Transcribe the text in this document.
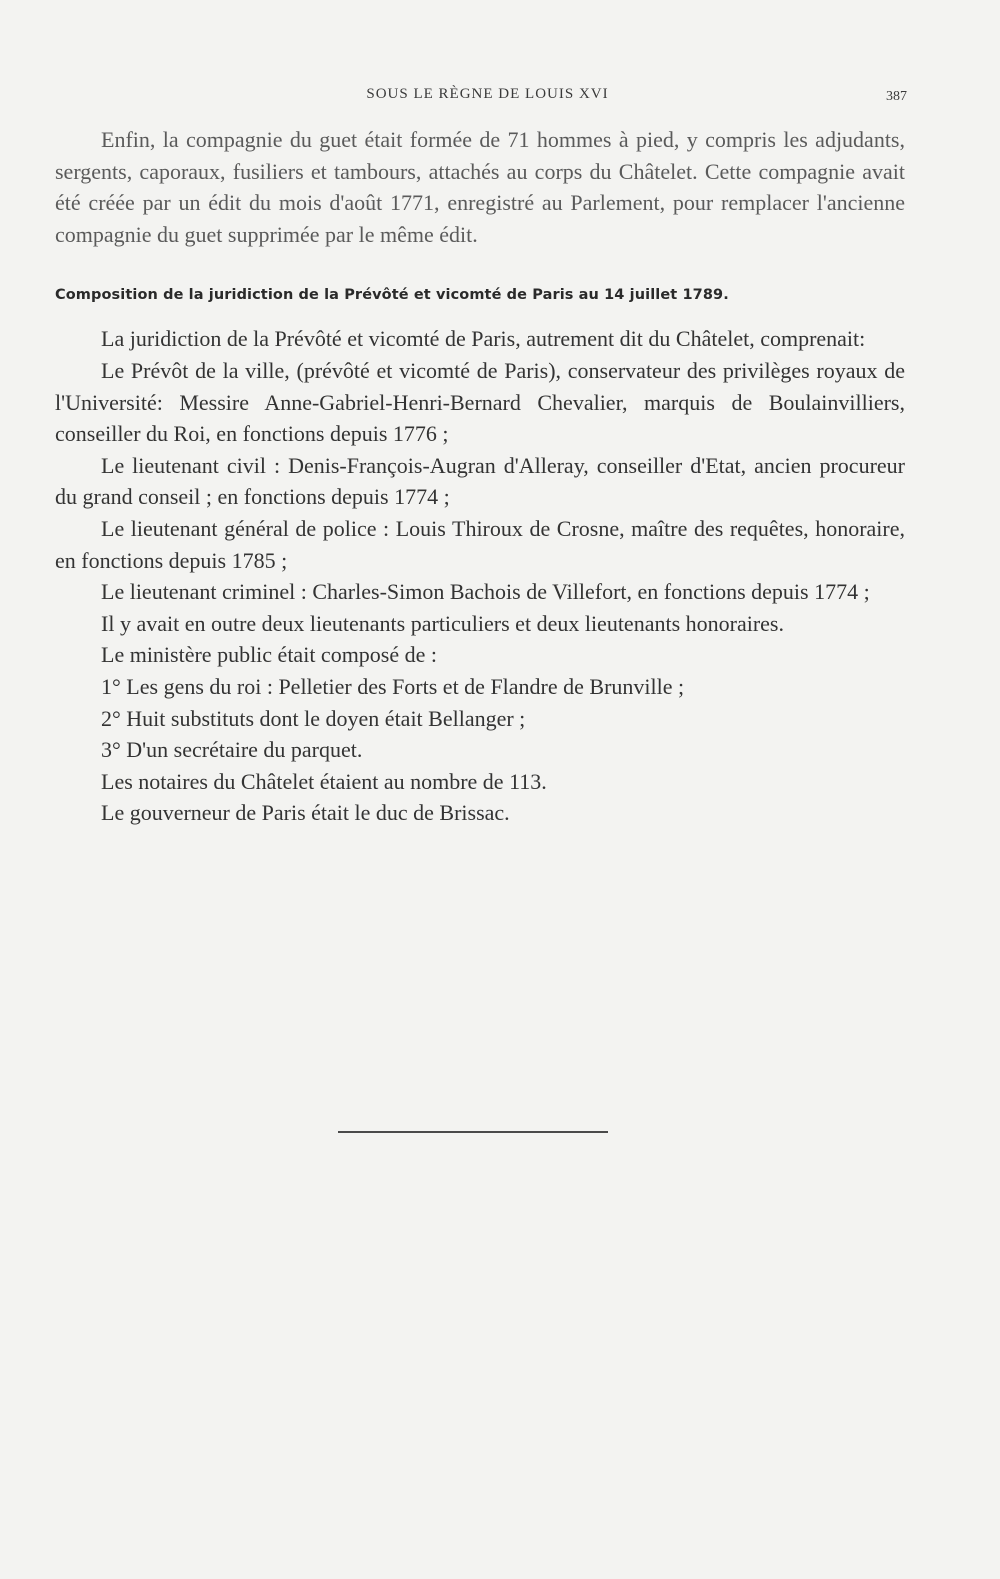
SOUS LE RÈGNE DE LOUIS XVI	387

Enfin, la compagnie du guet était formée de 71 hommes à pied, y compris les adjudants, sergents, caporaux, fusiliers et tambours, attachés au corps du Châtelet. Cette compagnie avait été créée par un édit du mois d'août 1771, enregistré au Parlement, pour remplacer l'ancienne compagnie du guet supprimée par le même édit.

Composition de la juridiction de la Prévôté et vicomté de Paris au 14 juillet 1789.

La juridiction de la Prévôté et vicomté de Paris, autrement dit du Châtelet, comprenait:

Le Prévôt de la ville, (prévôté et vicomté de Paris), conservateur des privilèges royaux de l'Université: Messire Anne-Gabriel-Henri-Bernard Chevalier, marquis de Boulainvilliers, conseiller du Roi, en fonctions depuis 1776 ;

Le lieutenant civil : Denis-François-Augran d'Alleray, conseiller d'Etat, ancien procureur du grand conseil ; en fonctions depuis 1774 ;

Le lieutenant général de police : Louis Thiroux de Crosne, maître des requêtes, honoraire, en fonctions depuis 1785 ;

Le lieutenant criminel : Charles-Simon Bachois de Villefort, en fonctions depuis 1774 ;

Il y avait en outre deux lieutenants particuliers et deux lieutenants honoraires.

Le ministère public était composé de :

1° Les gens du roi : Pelletier des Forts et de Flandre de Brunville ;

2° Huit substituts dont le doyen était Bellanger ;

3° D'un secrétaire du parquet.

Les notaires du Châtelet étaient au nombre de 113.

Le gouverneur de Paris était le duc de Brissac.
